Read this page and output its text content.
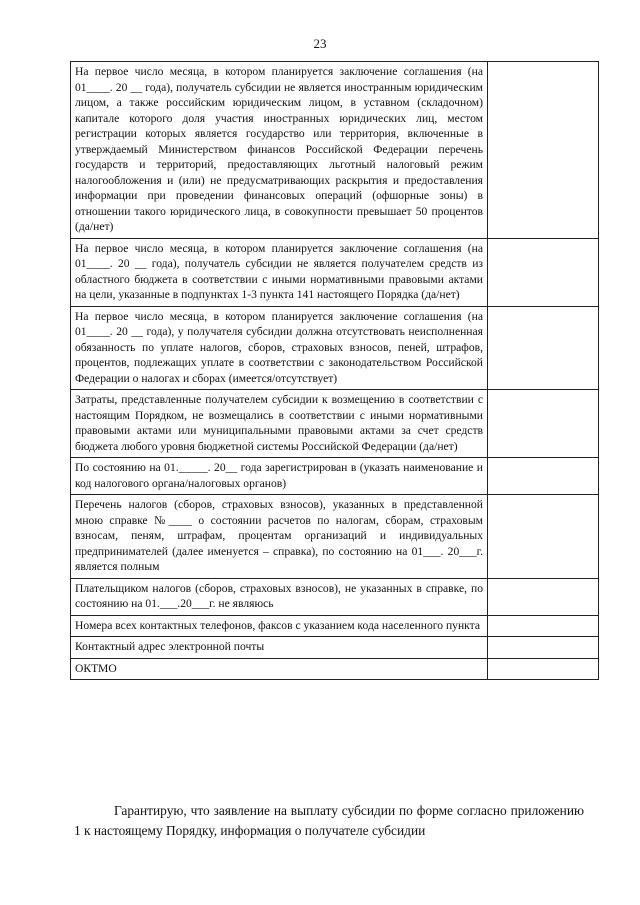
23
На первое число месяца, в котором планируется заключение соглашения (на 01____. 20 __ года), получатель субсидии не является иностранным юридическим лицом, а также российским юридическим лицом, в уставном (складочном) капитале которого доля участия иностранных юридических лиц, местом регистрации которых является государство или территория, включенные в утверждаемый Министерством финансов Российской Федерации перечень государств и территорий, предоставляющих льготный налоговый режим налогообложения и (или) не предусматривающих раскрытия и предоставления информации при проведении финансовых операций (офшорные зоны) в отношении такого юридического лица, в совокупности превышает 50 процентов (да/нет)	
На первое число месяца, в котором планируется заключение соглашения (на 01____. 20 __ года), получатель субсидии не является получателем средств из областного бюджета в соответствии с иными нормативными правовыми актами на цели, указанные в подпунктах 1-3 пункта 141 настоящего Порядка (да/нет)	
На первое число месяца, в котором планируется заключение соглашения (на 01____. 20 __ года), у получателя субсидии должна отсутствовать неисполненная обязанность по уплате налогов, сборов, страховых взносов, пеней, штрафов, процентов, подлежащих уплате в соответствии с законодательством Российской Федерации о налогах и сборах (имеется/отсутствует)	
Затраты, представленные получателем субсидии к возмещению в соответствии с настоящим Порядком, не возмещались в соответствии с иными нормативными правовыми актами или муниципальными правовыми актами за счет средств бюджета любого уровня бюджетной системы Российской Федерации (да/нет)	
По состоянию на 01._____. 20__ года зарегистрирован в (указать наименование и код налогового органа/налоговых органов)	
Перечень налогов (сборов, страховых взносов), указанных в представленной мною справке №____ о состоянии расчетов по налогам, сборам, страховым взносам, пеням, штрафам, процентам организаций и индивидуальных предпринимателей (далее именуется – справка), по состоянию на 01___. 20___г. является полным	
Плательщиком налогов (сборов, страховых взносов), не указанных в справке, по состоянию на 01.___.20___г. не являюсь	
Номера всех контактных телефонов, факсов с указанием кода населенного пункта	
Контактный адрес электронной почты	
ОКТМО	

Гарантирую, что заявление на выплату субсидии по форме согласно приложению 1 к настоящему Порядку, информация о получателе субсидии
